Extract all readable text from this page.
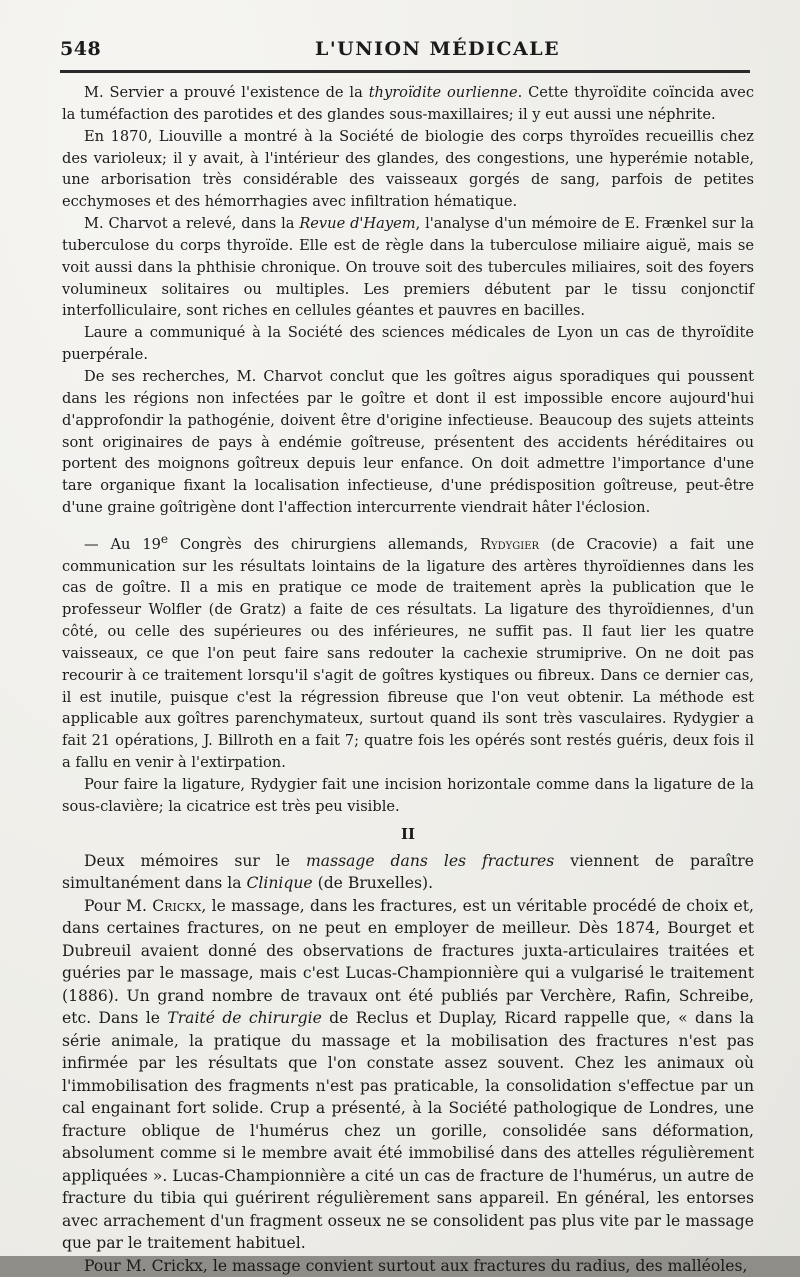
548	L'UNION MÉDICALE

M. Servier a prouvé l'existence de la thyroïdite ourlienne. Cette thyroïdite coïncida avec la tuméfaction des parotides et des glandes sous-maxillaires; il y eut aussi une néphrite.

En 1870, Liouville a montré à la Société de biologie des corps thyroïdes recueillis chez des varioleux; il y avait, à l'intérieur des glandes, des congestions, une hyperémie notable, une arborisation très considérable des vaisseaux gorgés de sang, parfois de petites ecchymoses et des hémorrhagies avec infiltration hématique.

M. Charvot a relevé, dans la Revue d'Hayem, l'analyse d'un mémoire de E. Frænkel sur la tuberculose du corps thyroïde. Elle est de règle dans la tuberculose miliaire aiguë, mais se voit aussi dans la phthisie chronique. On trouve soit des tubercules miliaires, soit des foyers volumineux solitaires ou multiples. Les premiers débutent par le tissu conjonctif interfolliculaire, sont riches en cellules géantes et pauvres en bacilles.

Laure a communiqué à la Société des sciences médicales de Lyon un cas de thyroïdite puerpérale.

De ses recherches, M. Charvot conclut que les goîtres aigus sporadiques qui poussent dans les régions non infectées par le goître et dont il est impossible encore aujourd'hui d'approfondir la pathogénie, doivent être d'origine infectieuse. Beaucoup des sujets atteints sont originaires de pays à endémie goîtreuse, présentent des accidents héréditaires ou portent des moignons goîtreux depuis leur enfance. On doit admettre l'importance d'une tare organique fixant la localisation infectieuse, d'une prédisposition goîtreuse, peut-être d'une graine goîtrigène dont l'affection intercurrente viendrait hâter l'éclosion.

— Au 19e Congrès des chirurgiens allemands, Rydygier (de Cracovie) a fait une communication sur les résultats lointains de la ligature des artères thyroïdiennes dans les cas de goître. Il a mis en pratique ce mode de traitement après la publication que le professeur Wolfler (de Gratz) a faite de ces résultats. La ligature des thyroïdiennes, d'un côté, ou celle des supérieures ou des inférieures, ne suffit pas. Il faut lier les quatre vaisseaux, ce que l'on peut faire sans redouter la cachexie strumiprive. On ne doit pas recourir à ce traitement lorsqu'il s'agit de goîtres kystiques ou fibreux. Dans ce dernier cas, il est inutile, puisque c'est la régression fibreuse que l'on veut obtenir. La méthode est applicable aux goîtres parenchymateux, surtout quand ils sont très vasculaires. Rydygier a fait 21 opérations, J. Billroth en a fait 7; quatre fois les opérés sont restés guéris, deux fois il a fallu en venir à l'extirpation.

Pour faire la ligature, Rydygier fait une incision horizontale comme dans la ligature de la sous-clavière; la cicatrice est très peu visible.

II

Deux mémoires sur le massage dans les fractures viennent de paraître simultanément dans la Clinique (de Bruxelles).

Pour M. Crickx, le massage, dans les fractures, est un véritable procédé de choix et, dans certaines fractures, on ne peut en employer de meilleur. Dès 1874, Bourget et Dubreuil avaient donné des observations de fractures juxta-articulaires traitées et guéries par le massage, mais c'est Lucas-Championnière qui a vulgarisé le traitement (1886). Un grand nombre de travaux ont été publiés par Verchère, Rafin, Schreibe, etc. Dans le Traité de chirurgie de Reclus et Duplay, Ricard rappelle que, « dans la série animale, la pratique du massage et la mobilisation des fractures n'est pas infirmée par les résultats que l'on constate assez souvent. Chez les animaux où l'immobilisation des fragments n'est pas praticable, la consolidation s'effectue par un cal engainant fort solide. Crup a présenté, à la Société pathologique de Londres, une fracture oblique de l'humérus chez un gorille, consolidée sans déformation, absolument comme si le membre avait été immobilisé dans des attelles régulièrement appliquées ». Lucas-Championnière a cité un cas de fracture de l'humérus, un autre de fracture du tibia qui guérirent régulièrement sans appareil. En général, les entorses avec arrachement d'un fragment osseux ne se consolident pas plus vite par le massage que par le traitement habituel.

Pour M. Crickx, le massage convient surtout aux fractures du radius, des malléoles,
